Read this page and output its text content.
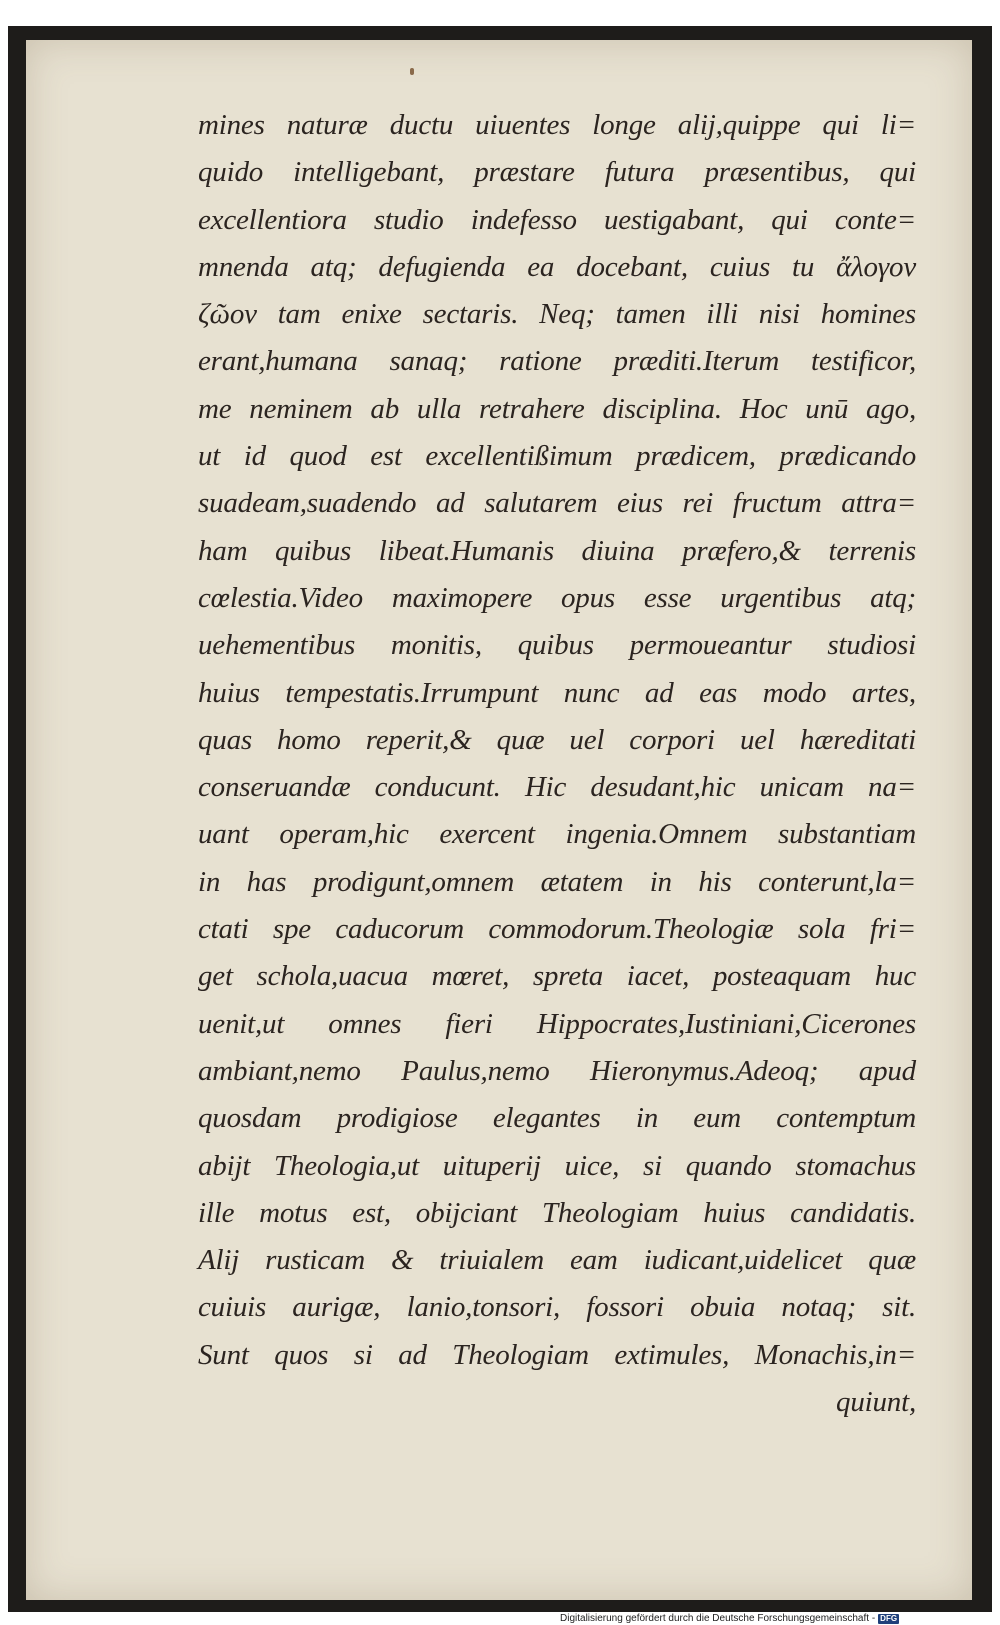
mines naturæ ductu uiuentes longe alij,quippe qui li=
quido intelligebant, præstare futura præsentibus, qui
excellentiora studio indefesso uestigabant, qui conte=
mnenda atq; defugienda ea docebant, cuius tu ἄλογον
ζῶον tam enixe sectaris. Neq; tamen illi nisi homines
erant,humana sanaq; ratione præditi.Iterum testificor,
me neminem ab ulla retrahere disciplina. Hoc unū ago,
ut id quod est excellentißimum prædicem, prædicando
suadeam,suadendo ad salutarem eius rei fructum attra=
ham quibus libeat.Humanis diuina præfero,& terrenis
cœlestia.Video maximopere opus esse urgentibus atq;
uehementibus monitis, quibus permoueantur studiosi
huius tempestatis.Irrumpunt nunc ad eas modo artes,
quas homo reperit,& quæ uel corpori uel hæreditati
conseruandæ conducunt. Hic desudant,hic unicam na=
uant operam,hic exercent ingenia.Omnem substantiam
in has prodigunt,omnem ætatem in his conterunt,la=
ctati spe caducorum commodorum.Theologiæ sola fri=
get schola,uacua mœret, spreta iacet, posteaquam huc
uenit,ut omnes fieri Hippocrates,Iustiniani,Cicerones
ambiant,nemo Paulus,nemo Hieronymus.Adeoq; apud
quosdam prodigiose elegantes in eum contemptum
abijt Theologia,ut uituperij uice, si quando stomachus
ille motus est, obijciant Theologiam huius candidatis.
Alij rusticam & triuialem eam iudicant,uidelicet quæ
cuiuis aurigæ, lanio,tonsori, fossori obuia notaq; sit.
Sunt quos si ad Theologiam extimules, Monachis,in=
quiunt,
Digitalisierung gefördert durch die Deutsche Forschungsgemeinschaft - DFG
